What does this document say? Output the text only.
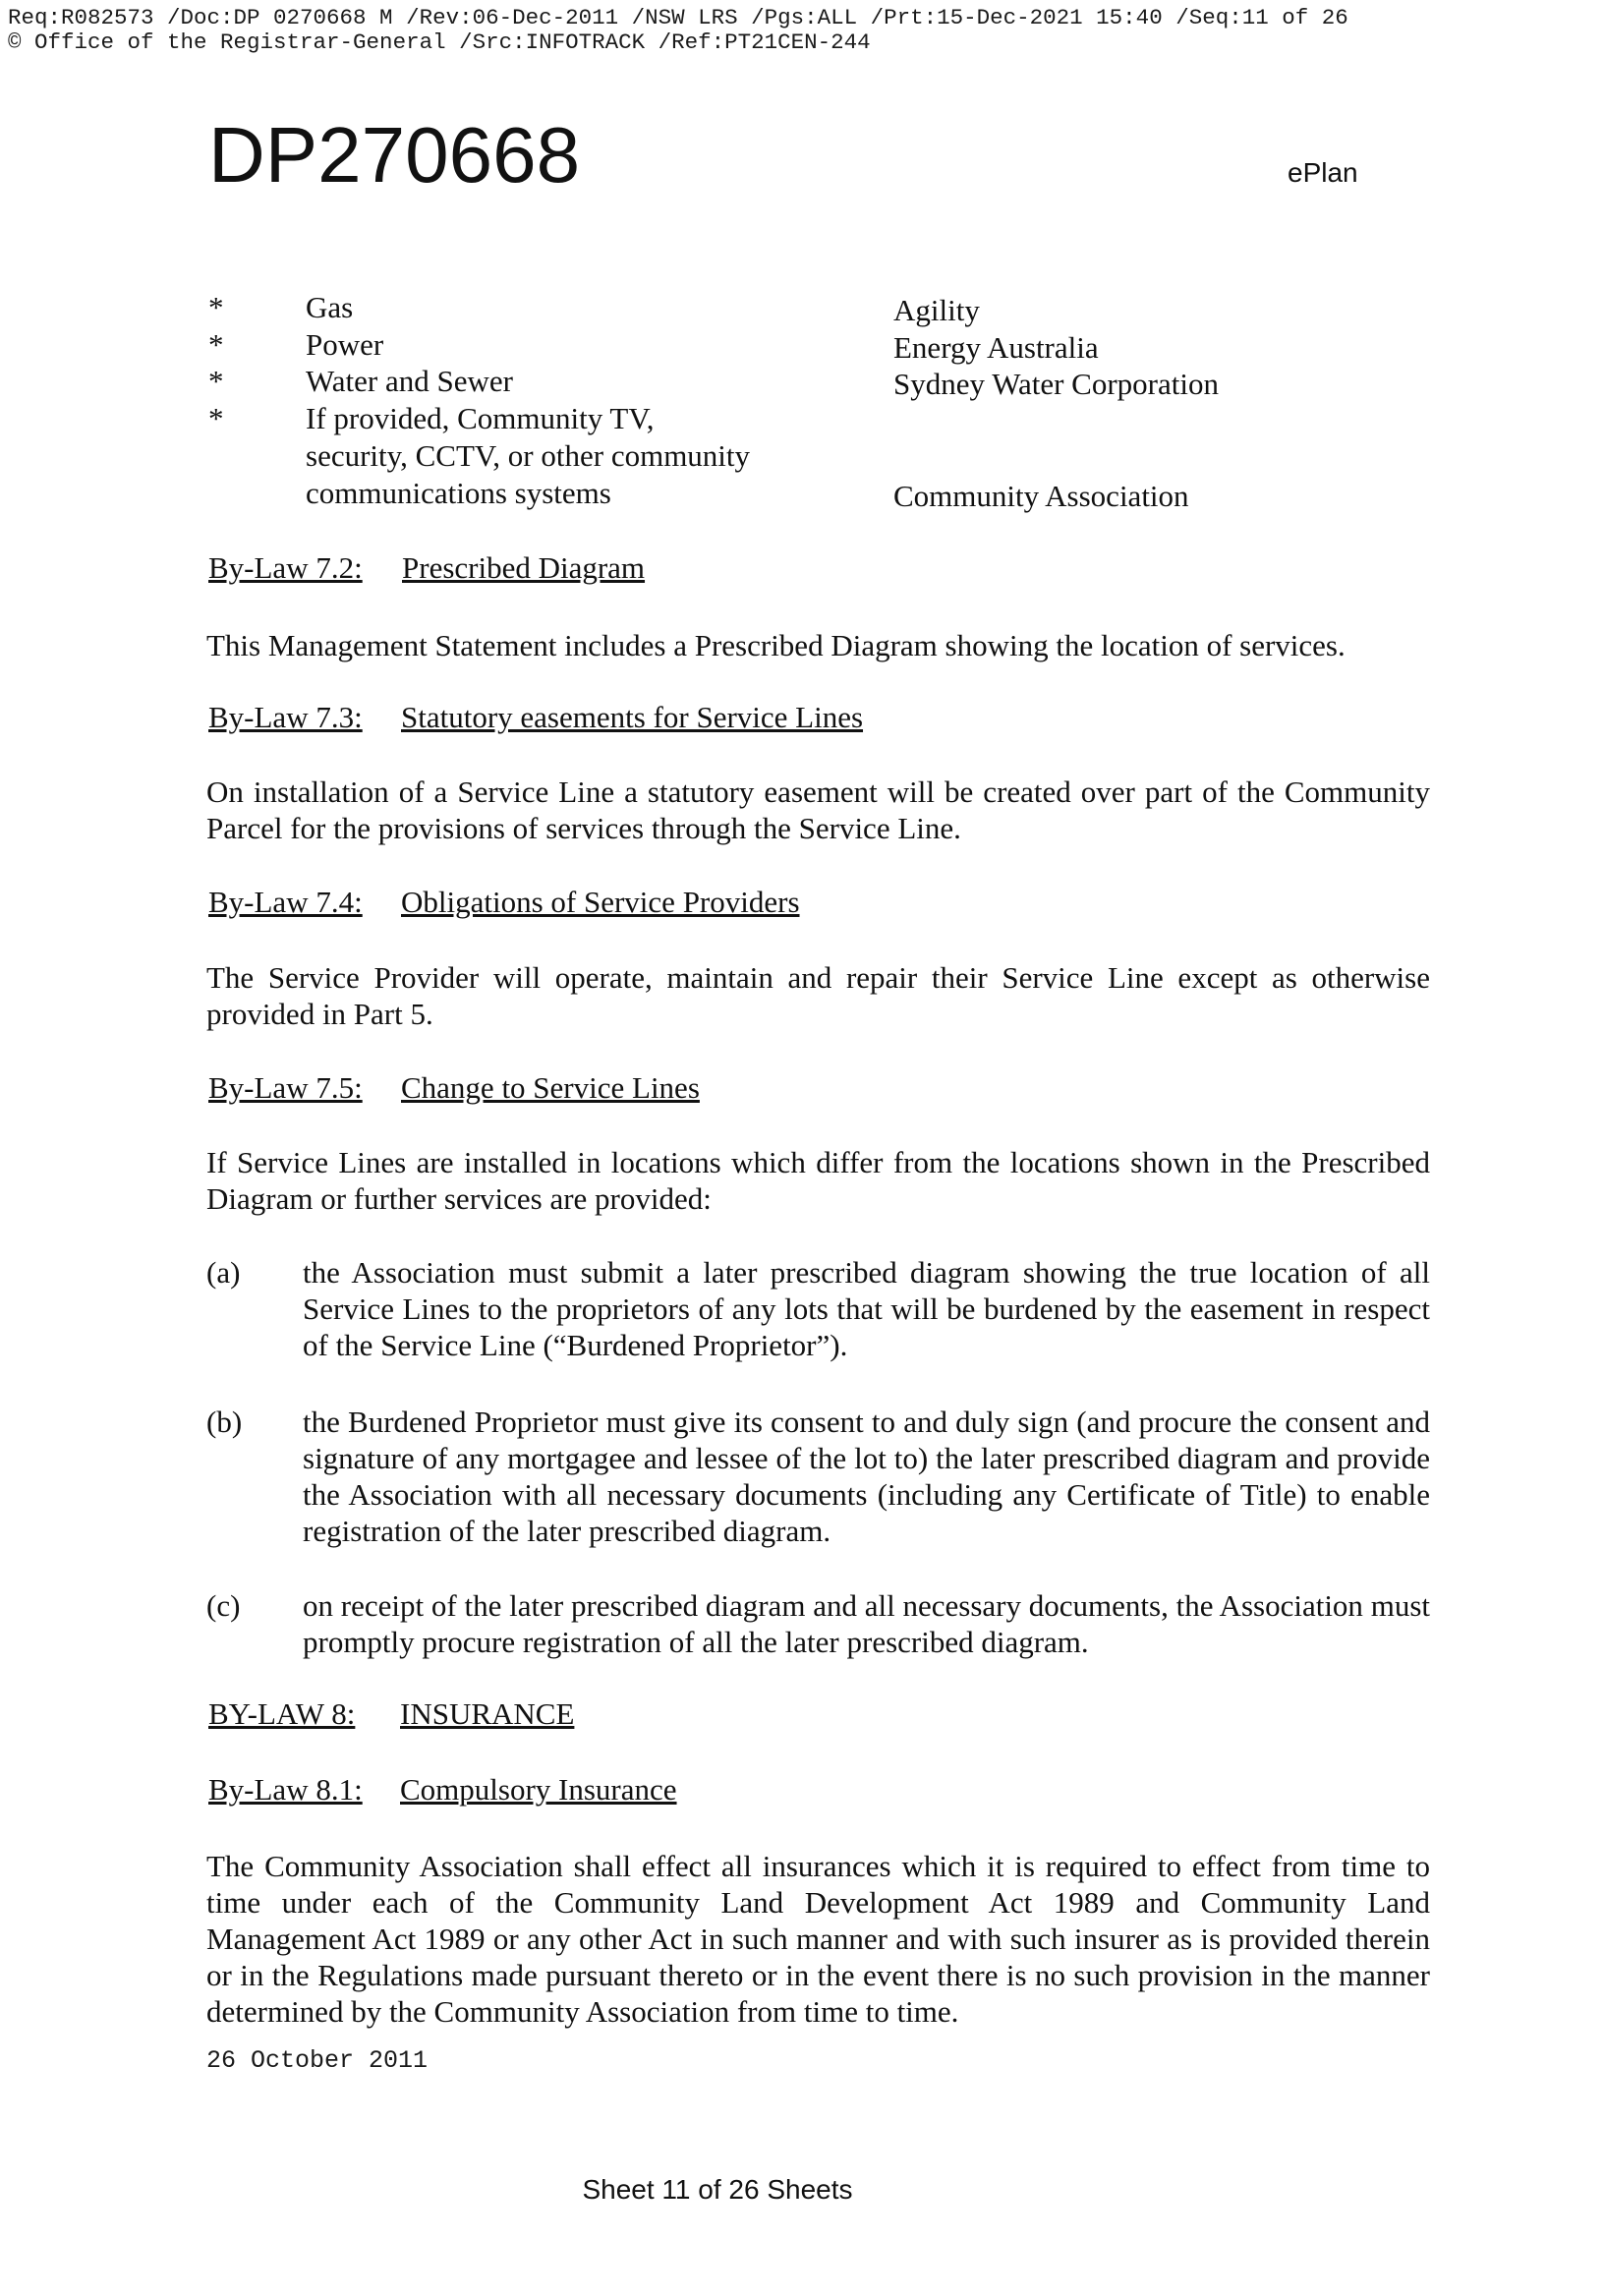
Req:R082573 /Doc:DP 0270668 M /Rev:06-Dec-2011 /NSW LRS /Pgs:ALL /Prt:15-Dec-2021 15:40 /Seq:11 of 26
© Office of the Registrar-General /Src:INFOTRACK /Ref:PT21CEN-244
DP270668	ePlan
*	Gas	Agility
*	Power	Energy Australia
*	Water and Sewer	Sydney Water Corporation
*	If provided, Community TV,
security, CCTV, or other community
communications systems	Community Association
By-Law 7.2: Prescribed Diagram
This Management Statement includes a Prescribed Diagram showing the location of services.
By-Law 7.3: Statutory easements for Service Lines
On installation of a Service Line a statutory easement will be created over part of the Community Parcel for the provisions of services through the Service Line.
By-Law 7.4: Obligations of Service Providers
The Service Provider will operate, maintain and repair their Service Line except as otherwise provided in Part 5.
By-Law 7.5: Change to Service Lines
If Service Lines are installed in locations which differ from the locations shown in the Prescribed Diagram or further services are provided:
(a) the Association must submit a later prescribed diagram showing the true location of all Service Lines to the proprietors of any lots that will be burdened by the easement in respect of the Service Line (“Burdened Proprietor”).
(b) the Burdened Proprietor must give its consent to and duly sign (and procure the consent and signature of any mortgagee and lessee of the lot to) the later prescribed diagram and provide the Association with all necessary documents (including any Certificate of Title) to enable registration of the later prescribed diagram.
(c) on receipt of the later prescribed diagram and all necessary documents, the Association must promptly procure registration of all the later prescribed diagram.
BY-LAW 8: INSURANCE
By-Law 8.1: Compulsory Insurance
The Community Association shall effect all insurances which it is required to effect from time to time under each of the Community Land Development Act 1989 and Community Land Management Act 1989 or any other Act in such manner and with such insurer as is provided therein or in the Regulations made pursuant thereto or in the event there is no such provision in the manner determined by the Community Association from time to time.
26 October 2011
Sheet 11 of 26 Sheets
